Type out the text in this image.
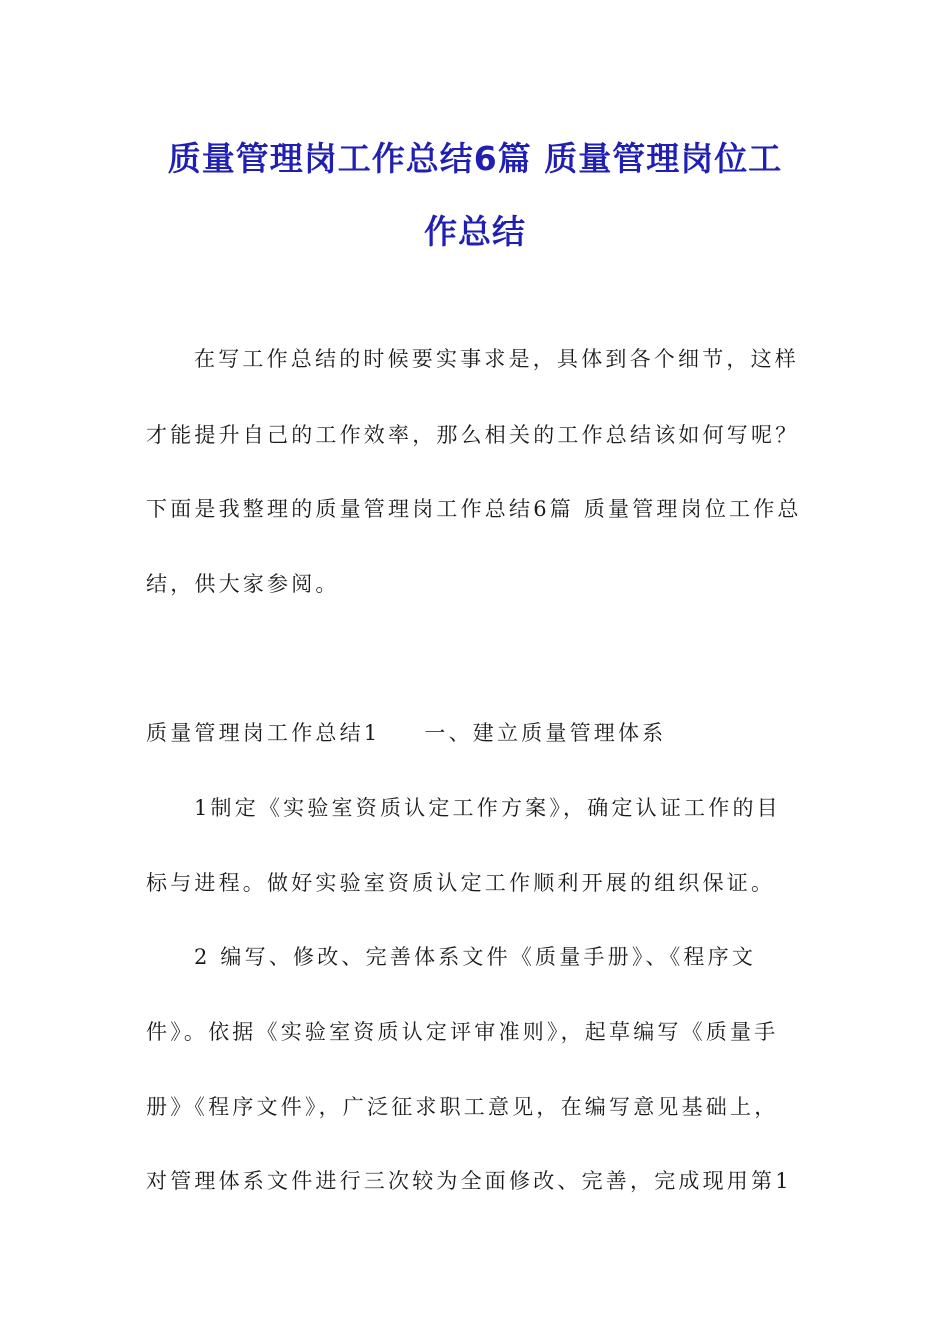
质量管理岗工作总结6篇 质量管理岗位工
作总结
在写工作总结的时候要实事求是，具体到各个细节，这样
才能提升自己的工作效率，那么相关的工作总结该如何写呢？
下面是我整理的质量管理岗工作总结6篇 质量管理岗位工作总
结，供大家参阅。
质量管理岗工作总结1 一、建立质量管理体系
1制定《实验室资质认定工作方案》，确定认证工作的目
标与进程。做好实验室资质认定工作顺利开展的组织保证。
2 编写、修改、完善体系文件《质量手册》、《程序文
件》。依据《实验室资质认定评审准则》，起草编写《质量手
册》《程序文件》，广泛征求职工意见，在编写意见基础上，
对管理体系文件进行三次较为全面修改、完善，完成现用第1
